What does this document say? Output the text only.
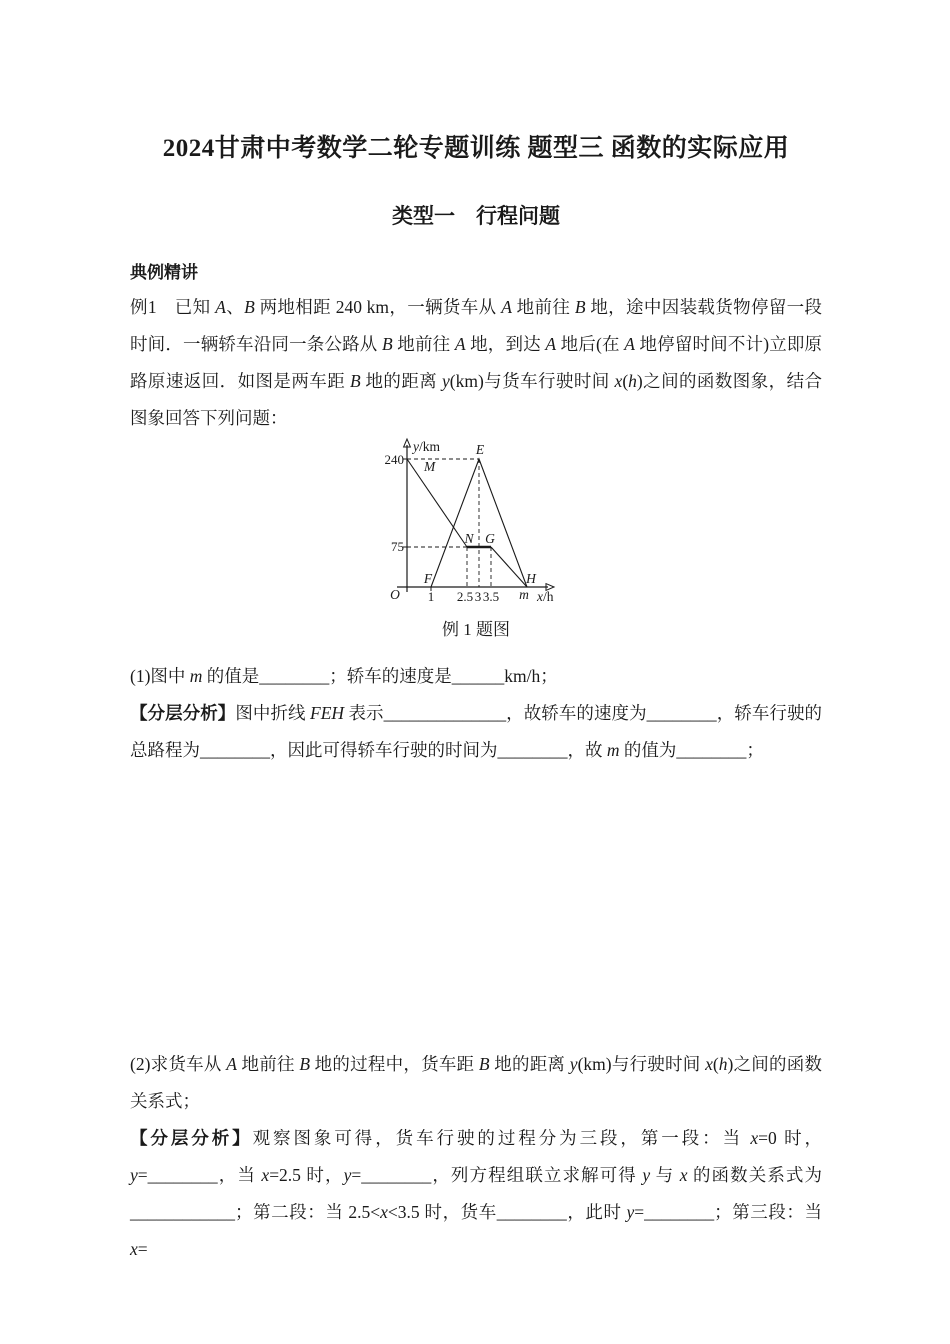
2024甘肃中考数学二轮专题训练 题型三 函数的实际应用
类型一　行程问题
典例精讲

例1　已知 A、B 两地相距 240 km，一辆货车从 A 地前往 B 地，途中因装载货物停留一段时间．一辆轿车沿同一条公路从 B 地前往 A 地，到达 A 地后(在 A 地停留时间不计)立即原路原速返回．如图是两车距 B 地的距离 y(km)与货车行驶时间 x(h)之间的函数图象，结合图象回答下列问题：

y/km
x/h
240
75
O 1 2.5 3 3.5 m
M
E
N G
F	H
例 1 题图

(1)图中 m 的值是________；轿车的速度是______km/h；

【分层分析】图中折线 FEH 表示______________，故轿车的速度为________，轿车行驶的总路程为________，因此可得轿车行驶的时间为________，故 m 的值为________；

(2)求货车从 A 地前往 B 地的过程中，货车距 B 地的距离 y(km)与行驶时间 x(h)之间的函数关系式；

【分层分析】观察图象可得，货车行驶的过程分为三段，第一段：当 x=0 时，y=________，当 x=2.5 时，y=________，列方程组联立求解可得 y 与 x 的函数关系式为____________；第二段：当 2.5<x<3.5 时，货车________，此时 y=________；第三段：当 x=
